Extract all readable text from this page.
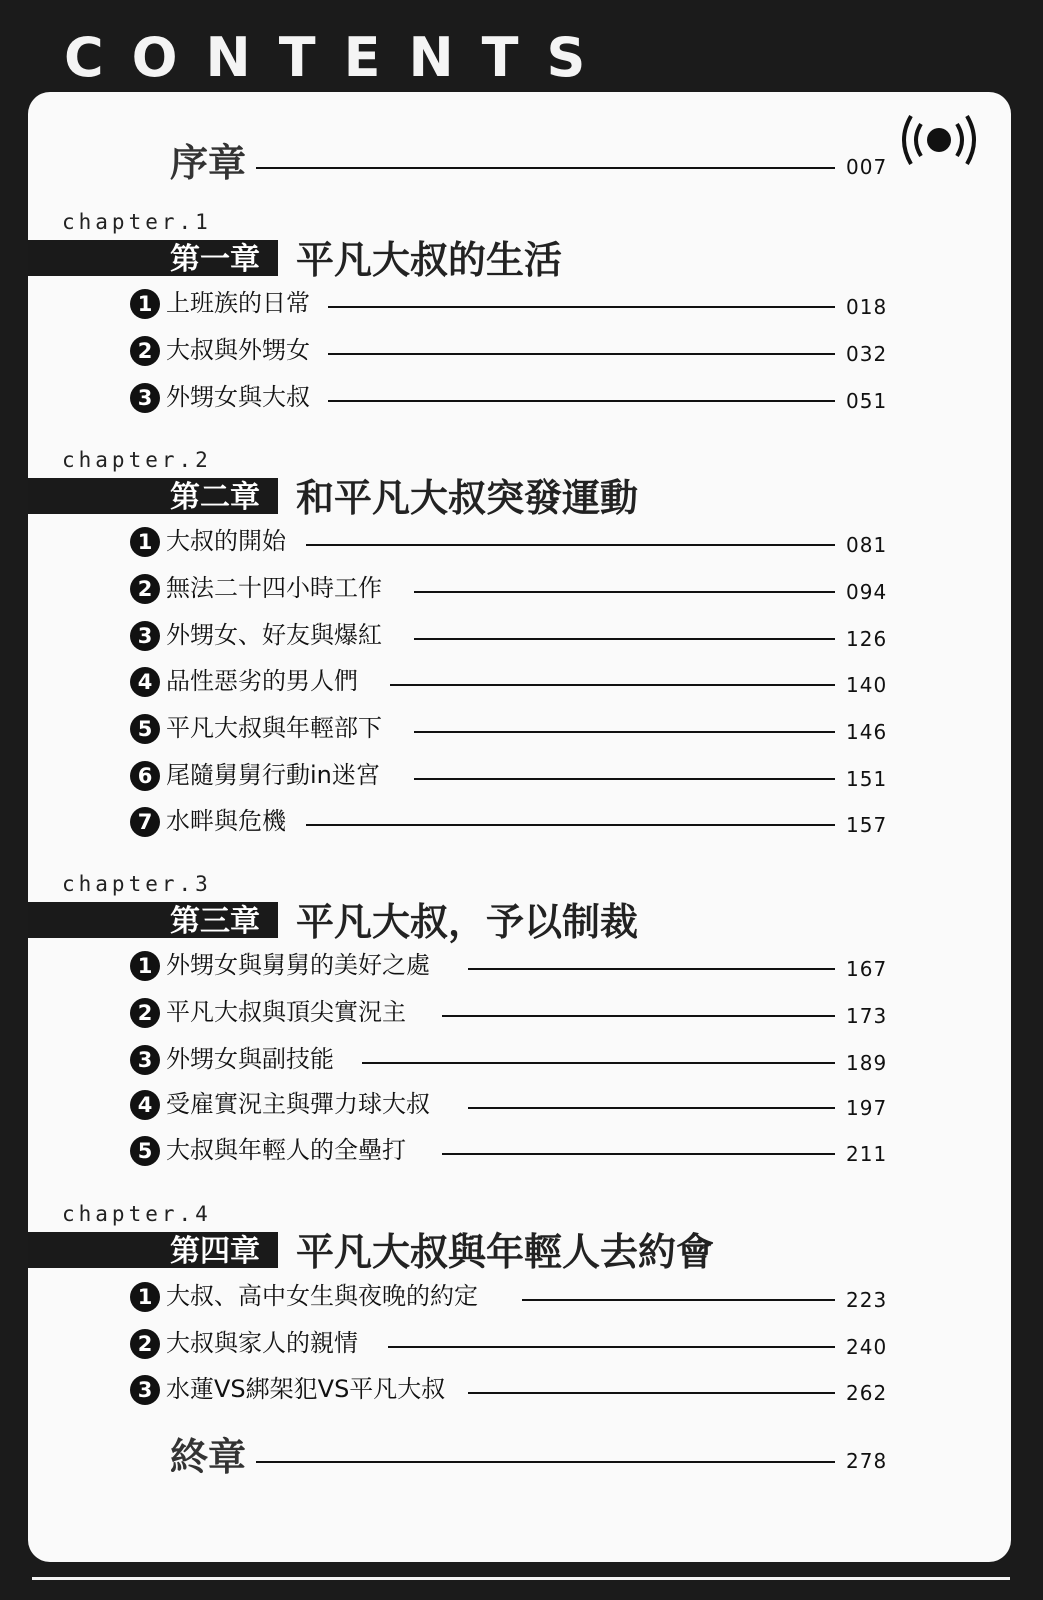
CONTENTS
序章	007
chapter.1
第一章 平凡大叔的生活
1 上班族的日常	018
2 大叔與外甥女	032
3 外甥女與大叔	051
chapter.2
第二章 和平凡大叔突發運動
1 大叔的開始	081
2 無法二十四小時工作	094
3 外甥女、好友與爆紅	126
4 品性惡劣的男人們	140
5 平凡大叔與年輕部下	146
6 尾隨舅舅行動in迷宮	151
7 水畔與危機	157
chapter.3
第三章 平凡大叔，予以制裁
1 外甥女與舅舅的美好之處	167
2 平凡大叔與頂尖實況主	173
3 外甥女與副技能	189
4 受雇實況主與彈力球大叔	197
5 大叔與年輕人的全壘打	211
chapter.4
第四章 平凡大叔與年輕人去約會
1 大叔、高中女生與夜晚的約定	223
2 大叔與家人的親情	240
3 水蓮VS綁架犯VS平凡大叔	262
終章	278
